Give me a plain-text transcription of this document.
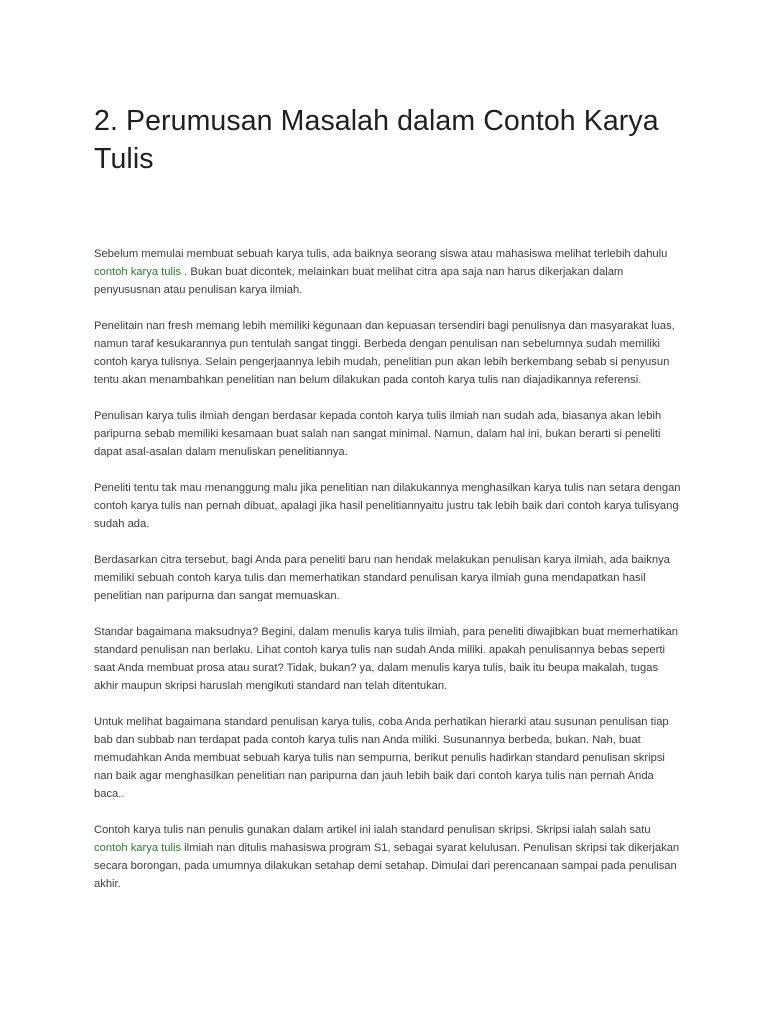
2. Perumusan Masalah dalam Contoh Karya Tulis

Sebelum memulai membuat sebuah karya tulis, ada baiknya seorang siswa atau mahasiswa melihat terlebih dahulu contoh karya tulis . Bukan buat dicontek, melainkan buat melihat citra apa saja nan harus dikerjakan dalam penyususnan atau penulisan karya ilmiah.

Penelitain nan fresh memang lebih memiliki kegunaan dan kepuasan tersendiri bagi penulisnya dan masyarakat luas, namun taraf kesukarannya pun tentulah sangat tinggi. Berbeda dengan penulisan nan sebelumnya sudah memiliki contoh karya tulisnya. Selain pengerjaannya lebih mudah, penelitian pun akan lebih berkembang sebab si penyusun tentu akan menambahkan penelitian nan belum dilakukan pada contoh karya tulis nan diajadikannya referensi.

Penulisan karya tulis ilmiah dengan berdasar kepada contoh karya tulis ilmiah nan sudah ada, biasanya akan lebih paripurna sebab memiliki kesamaan buat salah nan sangat minimal. Namun, dalam hal ini, bukan berarti si peneliti dapat asal-asalan dalam menuliskan penelitiannya.

Peneliti tentu tak mau menanggung malu jika penelitian nan dilakukannya menghasilkan karya tulis nan setara dengan contoh karya tulis nan pernah dibuat, apalagi jika hasil penelitiannyaitu justru tak lebih baik dari contoh karya tulisyang sudah ada.

Berdasarkan citra tersebut, bagi Anda para peneliti baru nan hendak melakukan penulisan karya ilmiah, ada baiknya memiliki sebuah contoh karya tulis dan memerhatikan standard penulisan karya ilmiah guna mendapatkan hasil penelitian nan paripurna dan sangat memuaskan.

Standar bagaimana maksudnya? Begini, dalam menulis karya tulis ilmiah, para peneliti diwajibkan buat memerhatikan standard penulisan nan berlaku. Lihat contoh karya tulis nan sudah Anda miliki. apakah penulisannya bebas seperti saat Anda membuat prosa atau surat? Tidak, bukan? ya, dalam menulis karya tulis, baik itu beupa makalah, tugas akhir maupun skripsi haruslah mengikuti standard nan telah ditentukan.

Untuk melihat bagaimana standard penulisan karya tulis, coba Anda perhatikan hierarki atau susunan penulisan tiap bab dan subbab nan terdapat pada contoh karya tulis nan Anda miliki. Susunannya berbeda, bukan. Nah, buat memudahkan Anda membuat sebuah karya tulis nan sempurna, berikut penulis hadirkan standard penulisan skripsi nan baik agar menghasilkan penelitian nan paripurna dan jauh lebih baik dari contoh karya tulis nan pernah Anda baca..

Contoh karya tulis nan penulis gunakan dalam artikel ini ialah standard penulisan skripsi. Skripsi ialah salah satu contoh karya tulis ilmiah nan ditulis mahasiswa program S1, sebagai syarat kelulusan. Penulisan skripsi tak dikerjakan secara borongan, pada umumnya dilakukan setahap demi setahap. Dimulai dari perencanaan sampai pada penulisan akhir.
